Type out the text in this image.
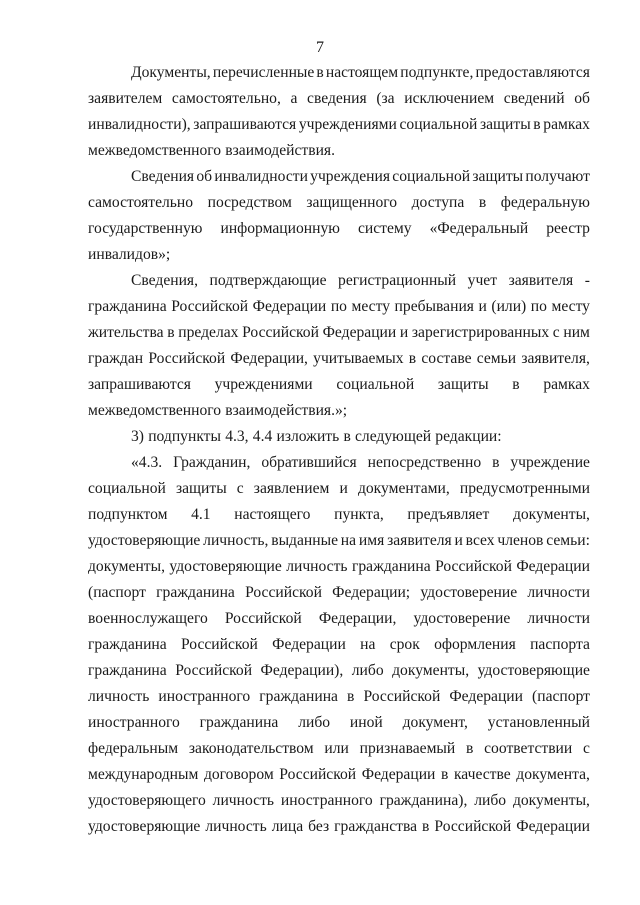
7
Документы, перечисленные в настоящем подпункте, предоставляются
заявителем самостоятельно, а сведения (за исключением сведений об
инвалидности), запрашиваются учреждениями социальной защиты в рамках
межведомственного взаимодействия.
Сведения об инвалидности учреждения социальной защиты получают
самостоятельно посредством защищенного доступа в федеральную
государственную информационную систему «Федеральный реестр
инвалидов»;
Сведения, подтверждающие регистрационный учет заявителя -
гражданина Российской Федерации по месту пребывания и (или) по месту
жительства в пределах Российской Федерации и зарегистрированных с ним
граждан Российской Федерации, учитываемых в составе семьи заявителя,
запрашиваются учреждениями социальной защиты в рамках
межведомственного взаимодействия.»;
3) подпункты 4.3, 4.4 изложить в следующей редакции:
«4.3. Гражданин, обратившийся непосредственно в учреждение
социальной защиты с заявлением и документами, предусмотренными
подпунктом 4.1 настоящего пункта, предъявляет документы,
удостоверяющие личность, выданные на имя заявителя и всех членов семьи:
документы, удостоверяющие личность гражданина Российской Федерации
(паспорт гражданина Российской Федерации; удостоверение личности
военнослужащего Российской Федерации, удостоверение личности
гражданина Российской Федерации на срок оформления паспорта
гражданина Российской Федерации), либо документы, удостоверяющие
личность иностранного гражданина в Российской Федерации (паспорт
иностранного гражданина либо иной документ, установленный
федеральным законодательством или признаваемый в соответствии с
международным договором Российской Федерации в качестве документа,
удостоверяющего личность иностранного гражданина), либо документы,
удостоверяющие личность лица без гражданства в Российской Федерации
